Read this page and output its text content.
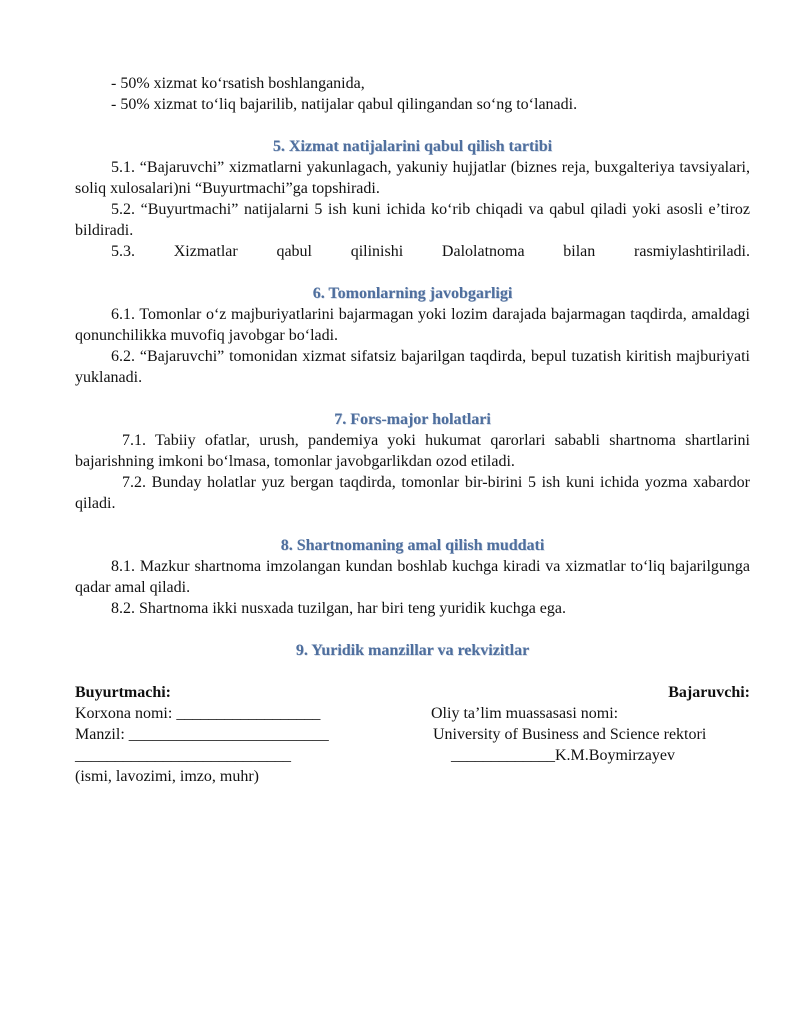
- 50% xizmat ko‘rsatish boshlanganida,

- 50% xizmat to‘liq bajarilib, natijalar qabul qilingandan so‘ng to‘lanadi.

5. Xizmat natijalarini qabul qilish tartibi

5.1. “Bajaruvchi” xizmatlarni yakunlagach, yakuniy hujjatlar (biznes reja, buxgalteriya tavsiyalari, soliq xulosalari)ni “Buyurtmachi”ga topshiradi.

5.2. “Buyurtmachi” natijalarni 5 ish kuni ichida ko‘rib chiqadi va qabul qiladi yoki asosli e’tiroz bildiradi.

5.3. Xizmatlar qabul qilinishi Dalolatnoma bilan rasmiylashtiriladi.

6. Tomonlarning javobgarligi

6.1. Tomonlar o‘z majburiyatlarini bajarmagan yoki lozim darajada bajarmagan taqdirda, amaldagi qonunchilikka muvofiq javobgar bo‘ladi.

6.2. “Bajaruvchi” tomonidan xizmat sifatsiz bajarilgan taqdirda, bepul tuzatish kiritish majburiyati yuklanadi.

7. Fors-major holatlari

7.1. Tabiiy ofatlar, urush, pandemiya yoki hukumat qarorlari sababli shartnoma shartlarini bajarishning imkoni bo‘lmasa, tomonlar javobgarlikdan ozod etiladi.

7.2. Bunday holatlar yuz bergan taqdirda, tomonlar bir-birini 5 ish kuni ichida yozma xabardor qiladi.

8. Shartnomaning amal qilish muddati

8.1. Mazkur shartnoma imzolangan kundan boshlab kuchga kiradi va xizmatlar to‘liq bajarilgunga qadar amal qiladi.

8.2. Shartnoma ikki nusxada tuzilgan, har biri teng yuridik kuchga ega.

9. Yuridik manzillar va rekvizitlar

Buyurtmachi:	Bajaruvchi:
Korxona nomi: __________________	Oliy ta’lim muassasasi nomi:
Manzil: _________________________	University of Business and Science rektori
___________________________	_____________K.M.Boymirzayev
(ismi, lavozimi, imzo, muhr)
